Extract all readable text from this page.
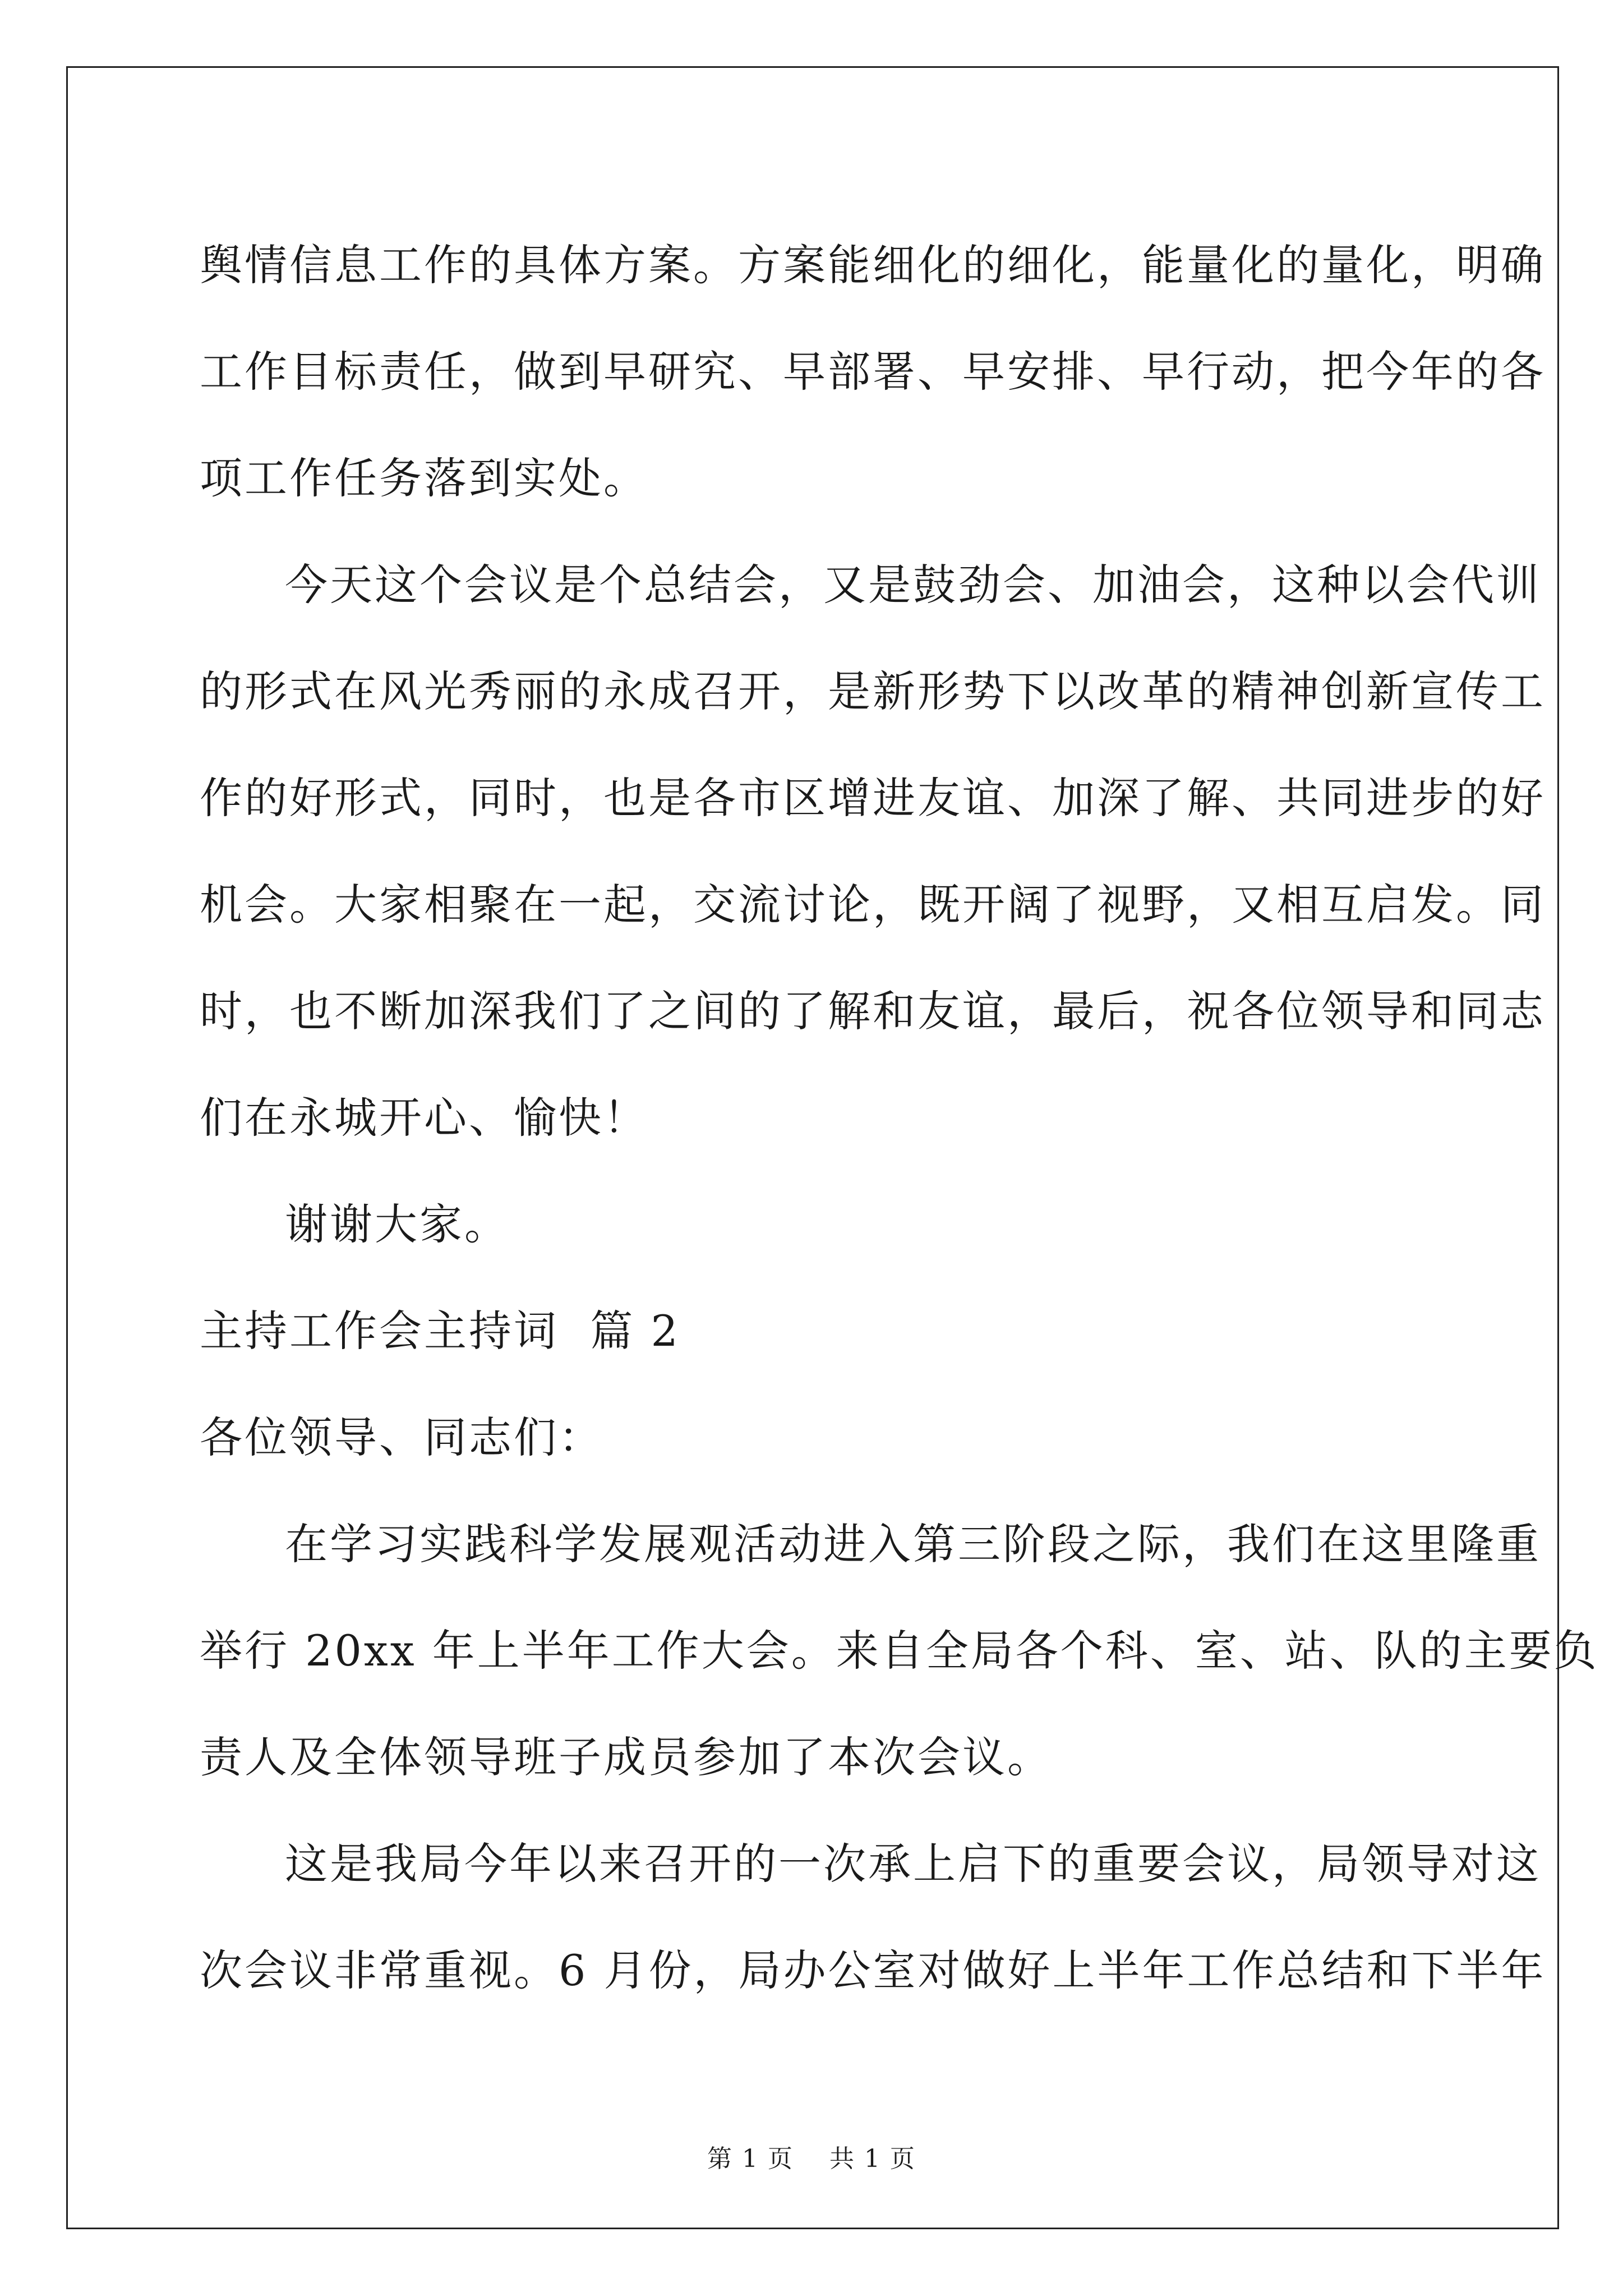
舆情信息工作的具体方案。方案能细化的细化，能量化的量化，明确
工作目标责任，做到早研究、早部署、早安排、早行动，把今年的各
项工作任务落到实处。
今天这个会议是个总结会，又是鼓劲会、加油会，这种以会代训
的形式在风光秀丽的永成召开，是新形势下以改革的精神创新宣传工
作的好形式，同时，也是各市区增进友谊、加深了解、共同进步的好
机会。大家相聚在一起，交流讨论，既开阔了视野，又相互启发。同
时，也不断加深我们了之间的了解和友谊，最后，祝各位领导和同志
们在永城开心、愉快！
谢谢大家。
主持工作会主持词  篇 2
各位领导、同志们：
在学习实践科学发展观活动进入第三阶段之际，我们在这里隆重
举行 20xx 年上半年工作大会。来自全局各个科、室、站、队的主要负
责人及全体领导班子成员参加了本次会议。
这是我局今年以来召开的一次承上启下的重要会议，局领导对这
次会议非常重视。6 月份，局办公室对做好上半年工作总结和下半年
第 1 页    共 1 页
